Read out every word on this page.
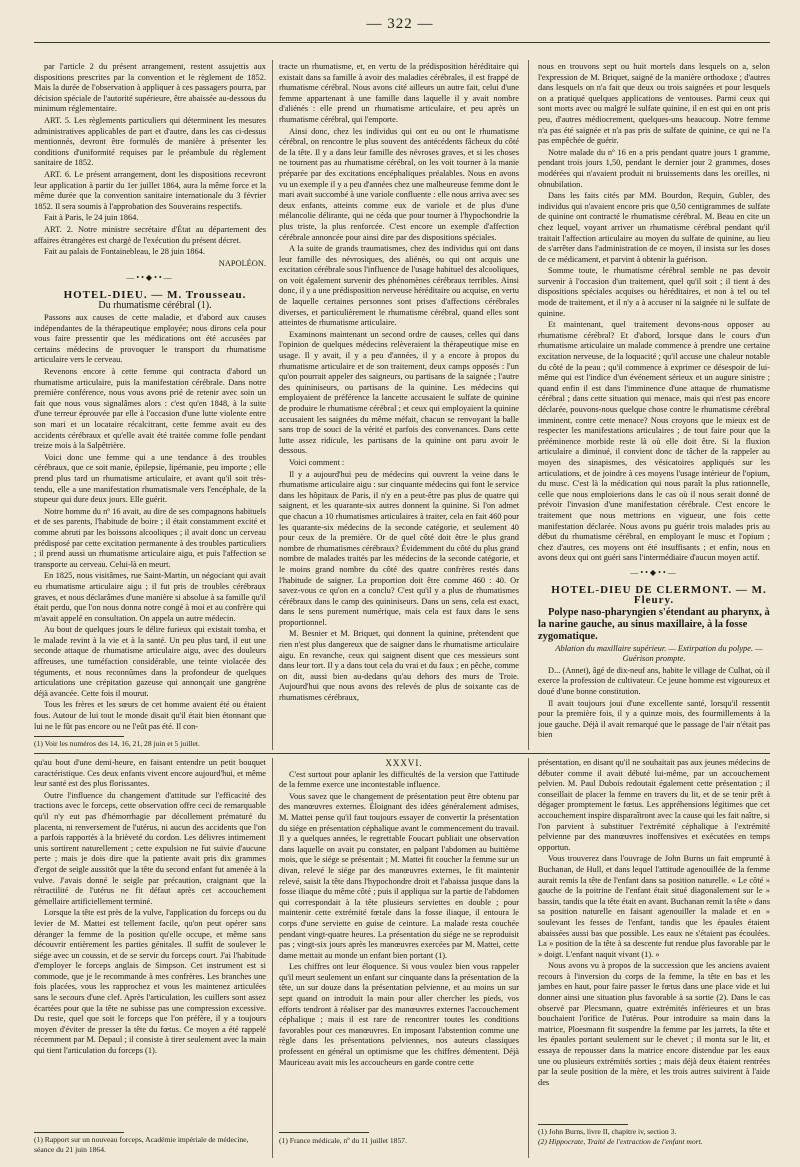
— 322 —

par l'article 2 du présent arrangement, restent assujettis aux dispositions prescrites par la convention et le règlement de 1852. Mais la durée de l'observation à appliquer à ces passagers pourra, par décision spéciale de l'autorité supérieure, être abaissée au-dessous du minimum réglementaire.

ART. 5. Les règlements particuliers qui déterminent les mesures administratives applicables de part et d'autre, dans les cas ci-dessus mentionnés, devront être formulés de manière à présenter les conditions d'uniformité requises par le préambule du règlement sanitaire de 1852.

ART. 6. Le présent arrangement, dont les dispositions recevront leur application à partir du 1er juillet 1864, aura la même force et la même durée que la convention sanitaire internationale du 3 février 1852. Il sera soumis à l'approbation des Souverains respectifs.

Fait à Paris, le 24 juin 1864.

ART. 2. Notre ministre secrétaire d'État au département des affaires étrangères est chargé de l'exécution du présent décret.

Fait au palais de Fontainebleau, le 28 juin 1864.

NAPOLÉON.

—••◆••—

HOTEL-DIEU. — M. Trousseau.

Du rhumatisme cérébral (1).

Passons aux causes de cette maladie, et d'abord aux causes indépendantes de la thérapeutique employée; nous dirons cela pour vous faire pressentir que les médications ont été accusées par certains médecins de provoquer le transport du rhumatisme articulaire vers le cerveau.

Revenons encore à cette femme qui contracta d'abord un rhumatisme articulaire, puis la manifestation cérébrale. Dans notre première conférence, nous vous avons prié de retenir avec soin un fait que nous vous signalâmes alors : c'est qu'en 1848, à la suite d'une terreur éprouvée par elle à l'occasion d'une lutte violente entre son mari et un locataire récalcitrant, cette femme avait eu des accidents cérébraux et qu'elle avait été traitée comme folle pendant treize mois à la Salpêtrière.

Voici donc une femme qui a une tendance à des troubles cérébraux, que ce soit manie, épilepsie, lipémanie, peu importe ; elle prend plus tard un rhumatisme articulaire, et avant qu'il soit très-tendu, elle a une manifestation rhumatismale vers l'encéphale, de la stupeur qui dure deux jours. Elle guérit.

Notre homme du nº 16 avait, au dire de ses compagnons habituels et de ses parents, l'habitude de boire ; il était constamment excité et comme abruti par les boissons alcooliques ; il avait donc un cerveau prédisposé par cette excitation permanente à des troubles particuliers ; il prend aussi un rhumatisme articulaire aigu, et puis l'affection se transporte au cerveau. Celui-là en meurt.

En 1825, nous visitâmes, rue Saint-Martin, un négociant qui avait eu rhumatisme articulaire aigu ; il fut pris de troubles cérébraux graves, et nous déclarâmes d'une manière si absolue à sa famille qu'il était perdu, que l'on nous donna notre congé à moi et au confrère qui m'avait appelé en consultation. On appela un autre médecin.

Au bout de quelques jours le délire furieux qui existait tomba, et le malade revint à la vie et à la santé. Un peu plus tard, il eut une seconde attaque de rhumatisme articulaire aigu, avec des douleurs affreuses, une tuméfaction considérable, une teinte violacée des téguments, et nous reconnûmes dans la profondeur de quelques articulations une crépitation gazeuse qui annonçait une gangrène déjà avancée. Cette fois il mourut.

Tous les frères et les sœurs de cet homme avaient été ou étaient fous. Autour de lui tout le monde disait qu'il était bien étonnant que lui ne le fût pas encore ou ne l'eût pas été. Il con-

(1) Voir les numéros des 14, 16, 21, 28 juin et 5 juillet.

tracte un rhumatisme, et, en vertu de la prédisposition héréditaire qui existait dans sa famille à avoir des maladies cérébrales, il est frappé de rhumatisme cérébral. Nous avons cité ailleurs un autre fait, celui d'une femme appartenant à une famille dans laquelle il y avait nombre d'aliénés : elle prend un rhumatisme articulaire, et peu après un rhumatisme cérébral, qui l'emporte.

Ainsi donc, chez les individus qui ont eu ou ont le rhumatisme cérébral, on rencontre le plus souvent des antécédents fâcheux du côté de la tête. Il y a dans leur famille des névroses graves, et si les choses ne tournent pas au rhumatisme cérébral, on les voit tourner à la manie préparée par des excitations encéphaliques préalables. Nous en avons vu un exemple il y a peu d'années chez une malheureuse femme dont le mari avait succombé à une variole confluente : elle nous arriva avec ses deux enfants, atteints comme eux de variole et de plus d'une mélancolie délirante, qui ne céda que pour tourner à l'hypochondrie la plus triste, la plus renforcée. C'est encore un exemple d'affection cérébrale annoncée pour ainsi dire par des dispositions spéciales.

A la suite de grands traumatismes, chez des individus qui ont dans leur famille des névrosiques, des aliénés, ou qui ont acquis une excitation cérébrale sous l'influence de l'usage habituel des alcooliques, on voit également survenir des phénomènes cérébraux terribles. Ainsi donc, il y a une prédisposition nerveuse héréditaire ou acquise, en vertu de laquelle certaines personnes sont prises d'affections cérébrales diverses, et particulièrement le rhumatisme cérébral, quand elles sont atteintes de rhumatisme articulaire.

Examinons maintenant un second ordre de causes, celles qui dans l'opinion de quelques médecins relèveraient la thérapeutique mise en usage. Il y avait, il y a peu d'années, il y a encore à propos du rhumatisme articulaire et de son traitement, deux camps opposés : l'un qu'on pourrait appeler des saigneurs, ou partisans de la saignée ; l'autre des quininiseurs, ou partisans de la quinine. Les médecins qui employaient de préférence la lancette accusaient le sulfate de quinine de produire le rhumatisme cérébral ; et ceux qui employaient la quinine accusaient les saignées du même méfait, chacun se renvoyant la balle sans trop de souci de la vérité et parfois des convenances. Dans cette lutte assez ridicule, les partisans de la quinine ont paru avoir le dessous.

Voici comment :

Il y a aujourd'hui peu de médecins qui ouvrent la veine dans le rhumatisme articulaire aigu : sur cinquante médecins qui font le service dans les hôpitaux de Paris, il n'y en a peut-être pas plus de quatre qui saignent, et les quarante-six autres donnent la quinine. Si l'on admet que chacun a 10 rhumatismes articulaires à traiter, cela en fait 460 pour les quarante-six médecins de la seconde catégorie, et seulement 40 pour ceux de la première. Or de quel côté doit être le plus grand nombre de rhumatismes cérébraux? Évidemment du côté du plus grand nombre de malades traités par les médecins de la seconde catégorie, et le moins grand nombre du côté des quatre confrères restés dans l'habitude de saigner. La proportion doit être comme 460 : 40. Or savez-vous ce qu'on en a conclu? C'est qu'il y a plus de rhumatismes cérébraux dans le camp des quininiseurs. Dans un sens, cela est exact, dans le sens purement numérique, mais cela est faux dans le sens proportionnel.

M. Besnier et M. Briquet, qui donnent la quinine, prétendent que rien n'est plus dangereux que de saigner dans le rhumatisme articulaire aigu. En revanche, ceux qui saignent disent que ces messieurs sont dans leur tort. Il y a dans tout cela du vrai et du faux ; en pêche, comme on dit, aussi bien au-dedans qu'au dehors des murs de Troie. Aujourd'hui que nous avons des relevés de plus de soixante cas de rhumatismes cérébraux,

nous en trouvons sept ou huit mortels dans lesquels on a, selon l'expression de M. Briquet, saigné de la manière orthodoxe ; d'autres dans lesquels on n'a fait que deux ou trois saignées et pour lesquels on a pratiqué quelques applications de ventouses. Parmi ceux qui sont morts avec ou malgré le sulfate quinine, il en est qui en ont pris peu, d'autres médiocrement, quelques-uns beaucoup. Notre femme n'a pas été saignée et n'a pas pris de sulfate de quinine, ce qui ne l'a pas empêchée de guérir.

Notre malade du nº 16 en a pris pendant quatre jours 1 gramme, pendant trois jours 1,50, pendant le dernier jour 2 grammes, doses modérées qui n'avaient produit ni bruissements dans les oreilles, ni obnubilation.

Dans les faits cités par MM. Bourdon, Requin, Gubler, des individus qui n'avaient encore pris que 0,50 centigrammes de sulfate de quinine ont contracté le rhumatisme cérébral. M. Beau en cite un chez lequel, voyant arriver un rhumatisme cérébral pendant qu'il traitait l'affection articulaire au moyen du sulfate de quinine, au lieu de s'arrêter dans l'administration de ce moyen, il insista sur les doses de ce médicament, et parvint à obtenir la guérison.

Somme toute, le rhumatisme cérébral semble ne pas devoir survenir à l'occasion d'un traitement, quel qu'il soit ; il tient à des dispositions spéciales acquises ou héréditaires, et non à tel ou tel mode de traitement, et il n'y a à accuser ni la saignée ni le sulfate de quinine.

Et maintenant, quel traitement devons-nous opposer au rhumatisme cérébral? Et d'abord, lorsque dans le cours d'un rhumatisme articulaire un malade commence à prendre une certaine excitation nerveuse, de la loquacité ; qu'il accuse une chaleur notable du côté de la peau ; qu'il commence à exprimer ce désespoir de lui-même qui est l'indice d'un événement sérieux et un augure sinistre ; quand enfin il est dans l'imminence d'une attaque de rhumatisme cérébral ; dans cette situation qui menace, mais qui n'est pas encore déclarée, pouvons-nous quelque chose contre le rhumatisme cérébral imminent, contre cette menace? Nous croyons que le mieux est de respecter les manifestations articulaires ; de tout faire pour que la prééminence morbide reste là où elle doit être. Si la fluxion articulaire a diminué, il convient donc de tâcher de la rappeler au moyen des sinapismes, des vésicatoires appliqués sur les articulations, et de joindre à ces moyens l'usage intérieur de l'opium, du musc. C'est là la médication qui nous paraît la plus rationnelle, celle que nous emploierions dans le cas où il nous serait donné de prévoir l'invasion d'une manifestation cérébrale. C'est encore le traitement que nous mettrions en vigueur, une fois cette manifestation déclarée. Nous avons pu guérir trois malades pris au début du rhumatisme cérébral, en employant le musc et l'opium ; chez d'autres, ces moyens ont été insuffisants ; et enfin, nous en avons deux qui ont guéri sans l'intermédiaire d'aucun moyen actif.

—••◆••—

HOTEL-DIEU DE CLERMONT. — M. Fleury.

Polype naso-pharyngien s'étendant au pharynx, à la narine gauche, au sinus maxillaire, à la fosse zygomatique.

Ablation du maxillaire supérieur. — Extirpation du polype. — Guérison prompte.

D... (Annet), âgé de dix-neuf ans, habite le village de Culhat, où il exerce la profession de cultivateur. Ce jeune homme est vigoureux et doué d'une bonne constitution.

Il avait toujours joui d'une excellente santé, lorsqu'il ressentit pour la première fois, il y a quinze mois, des fourmillements à la joue gauche. Déjà il avait remarqué que le passage de l'air n'était pas bien

qu'au bout d'une demi-heure, en faisant entendre un petit bouquet caractéristique. Ces deux enfants vivent encore aujourd'hui, et même leur santé est des plus florissantes.

Outre l'influence du changement d'attitude sur l'efficacité des tractions avec le forceps, cette observation offre ceci de remarquable qu'il n'y eut pas d'hémorrhagie par décollement prématuré du placenta, ni renversement de l'utérus, ni aucun des accidents que l'on a parfois rapportés à la brièveté du cordon. Les délivres intimement unis sortirent naturellement ; cette expulsion ne fut suivie d'aucune perte ; mais je dois dire que la patiente avait pris dix grammes d'ergot de seigle aussitôt que la tête du second enfant fut amenée à la vulve. J'avais donné le seigle par précaution, craignant que la rétractilité de l'utérus ne fit défaut après cet accouchement gémellaire artificiellement terminé.

Lorsque la tête est près de la vulve, l'application du forceps ou du levier de M. Mattei est tellement facile, qu'on peut opérer sans déranger la femme de la position qu'elle occupe, et même sans découvrir entièrement les parties génitales. Il suffit de soulever le siége avec un coussin, et de se servir du forceps court. J'ai l'habitude d'employer le forceps anglais de Simpson. Cet instrument est si commode, que je le recommande à mes confrères. Les branches une fois placées, vous les rapprochez et vous les maintenez articulées sans le secours d'une clef. Après l'articulation, les cuillers sont assez écartées pour que la tête ne subisse pas une compression excessive. Du reste, quel que soit le forceps que l'on préfère, il y a toujours moyen d'éviter de presser la tête du fœtus. Ce moyen a été rappelé récemment par M. Depaul ; il consiste à tirer seulement avec la main qui tient l'articulation du forceps (1).

(1) Rapport sur un nouveau forceps, Académie impériale de médecine, séance du 21 juin 1864.

XXXVI.

C'est surtout pour aplanir les difficultés de la version que l'attitude de la femme exerce une incontestable influence.

Vous savez que le changement de présentation peut être obtenu par des manœuvres externes. Éloignant des idées généralement admises, M. Mattei pense qu'il faut toujours essayer de convertir la présentation du siége en présentation céphalique avant le commencement du travail. Il y a quelques années, le regrettable Foucart publiait une observation dans laquelle on avait pu constater, en palpant l'abdomen au huitième mois, que le siége se présentait ; M. Mattei fit coucher la femme sur un divan, relevé le siége par des manœuvres externes, le fit maintenir relevé, saisit la tête dans l'hypochondre droit et l'abaissa jusque dans la fosse iliaque du même côté ; puis il appliqua sur la partie de l'abdomen qui correspondait à la tête plusieurs serviettes en double ; pour maintenir cette extrémité fœtale dans la fosse iliaque, il entoura le corps d'une serviette en guise de ceinture. La malade resta couchée pendant vingt-quatre heures. La présentation du siége ne se reproduisit pas ; vingt-six jours après les manœuvres exercées par M. Mattei, cette dame mettait au monde un enfant bien portant (1).

Les chiffres ont leur éloquence. Si vous voulez bien vous rappeler qu'il meurt seulement un enfant sur cinquante dans la présentation de la tête, un sur douze dans la présentation pelvienne, et au moins un sur sept quand on introduit la main pour aller chercher les pieds, vos efforts tendront à réaliser par des manœuvres externes l'accouchement céphalique ; mais il est rare de rencontrer toutes les conditions favorables pour ces manœuvres. En imposant l'abstention comme une règle dans les présentations pelviennes, nos auteurs classiques professent en général un optimisme que les chiffres démentent. Déjà Mauriceau avait mis les accoucheurs en garde contre cette

(1) France médicale, nº du 11 juillet 1857.

présentation, en disant qu'il ne souhaitait pas aux jeunes médecins de débuter comme il avait débuté lui-même, par un accouchement pelvien. M. Paul Dubois redoutait également cette présentation ; il conseillait de placer la femme en travers du lit, et de se tenir prêt à dégager promptement le fœtus. Les appréhensions légitimes que cet accouchement inspire disparaîtront avec la cause qui les fait naître, si l'on parvient à substituer l'extrémité céphalique à l'extrémité pelvienne par des manœuvres inoffensives et exécutées en temps opportun.

Vous trouverez dans l'ouvrage de John Burns un fait emprunté à Buchanan, de Hull, et dans lequel l'attitude agenouillée de la femme aurait remis la tête de l'enfant dans sa position naturelle. « Le côté » gauche de la poitrine de l'enfant était situé diagonalement sur le » bassin, tandis que la tête était en avant. Buchanan remit la tête » dans sa position naturelle en faisant agenouiller la malade et en » soulevant les fesses de l'enfant, tandis que les épaules étaient abaissées aussi bas que possible. Les eaux ne s'étaient pas écoulées. La » position de la tête à sa descente fut rendue plus favorable par le » doigt. L'enfant naquit vivant (1). »

Nous avons vu à propos de la succession que les anciens avaient recours à l'inversion du corps de la femme, la tête en bas et les jambes en haut, pour faire passer le fœtus dans une place vide et lui donner ainsi une situation plus favorable à sa sortie (2). Dans le cas observé par Plecsmann, quatre extrémités inférieures et un bras bouchaient l'orifice de l'utérus. Pour introduire sa main dans la matrice, Ploesmann fit suspendre la femme par les jarrets, la tête et les épaules portant seulement sur le chevet ; il monta sur le lit, et essaya de repousser dans la matrice encore distendue par les eaux une ou plusieurs extrémités sorties ; mais déjà deux étaient rentrées par la seule position de la mère, et les trois autres suivirent à l'aide des

(1) John Burns, livre II, chapitre iv, section 3.
(2) Hippocrate, Traité de l'extraction de l'enfant mort.
